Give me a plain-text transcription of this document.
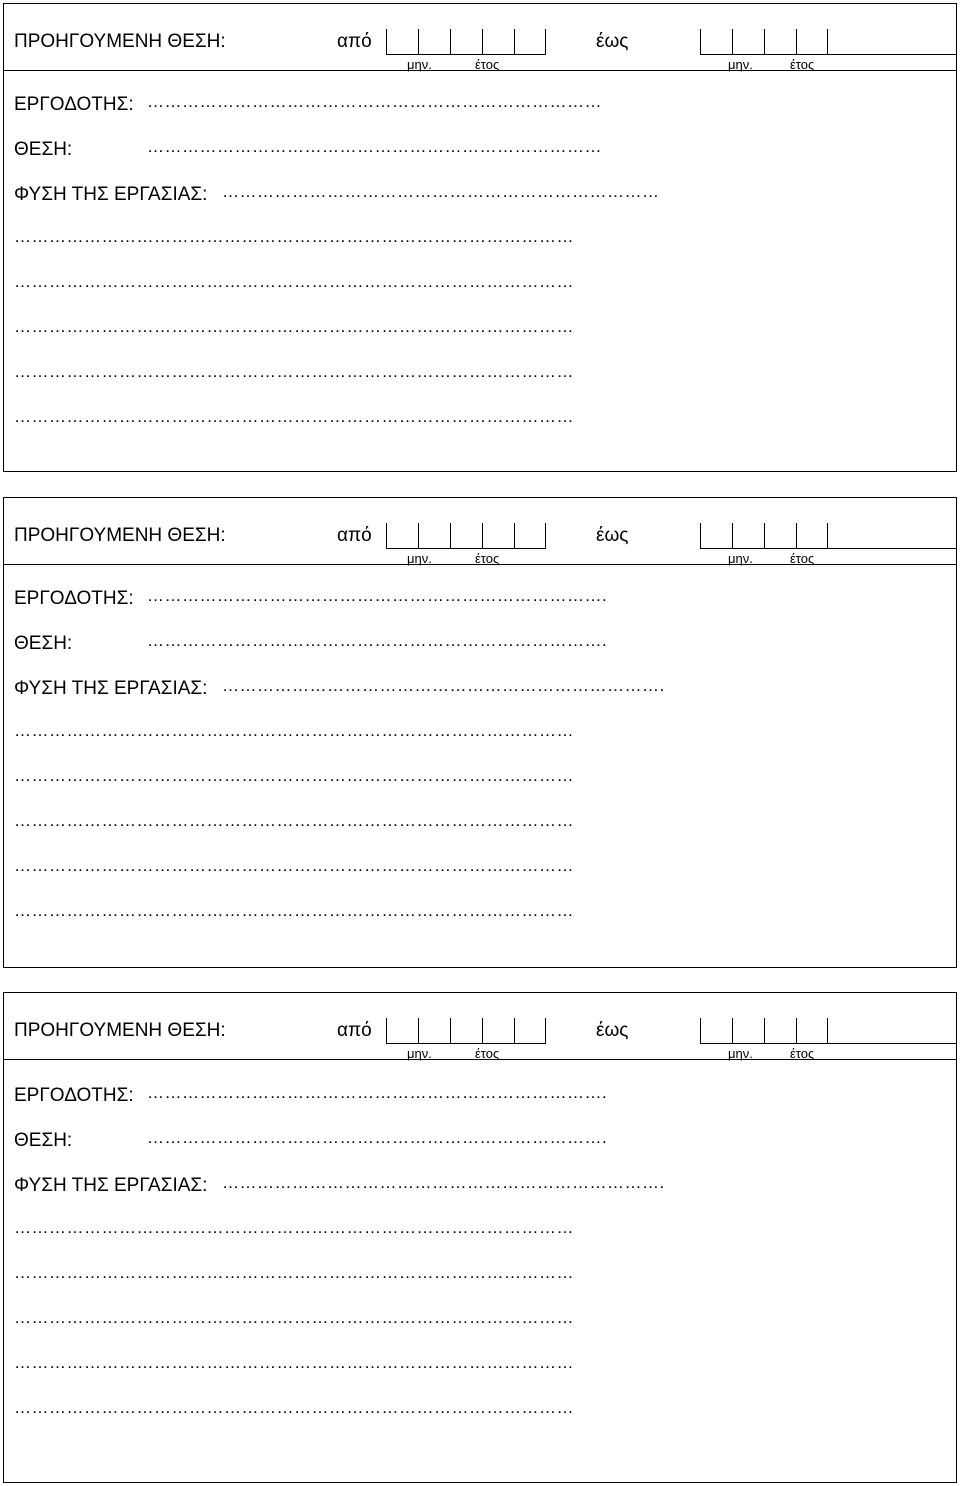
ΠΡΟΗΓΟΥΜΕΝΗ ΘΕΣΗ:	από
μην.	έτος
έως
μην.	έτος
ΕΡΓΟΔΟΤΗΣ: ……………………………………………………………………
ΘΕΣΗ:	……………………………………………………………………
ΦΥΣΗ ΤΗΣ ΕΡΓΑΣΙΑΣ: …………………………………………………………………
……………………………………………………………………………………
……………………………………………………………………………………
……………………………………………………………………………………
……………………………………………………………………………………
……………………………………………………………………………………
ΠΡΟΗΓΟΥΜΕΝΗ ΘΕΣΗ:	από
μην.	έτος
έως
μην.	έτος
ΕΡΓΟΔΟΤΗΣ: …………………………………………………………………….
ΘΕΣΗ:	…………………………………………………………………….
ΦΥΣΗ ΤΗΣ ΕΡΓΑΣΙΑΣ: ………………………………………………………………….
……………………………………………………………………………………
……………………………………………………………………………………
……………………………………………………………………………………
……………………………………………………………………………………
……………………………………………………………………………………
ΠΡΟΗΓΟΥΜΕΝΗ ΘΕΣΗ:	από
μην.	έτος
έως
μην.	έτος
ΕΡΓΟΔΟΤΗΣ: …………………………………………………………………….
ΘΕΣΗ:	…………………………………………………………………….
ΦΥΣΗ ΤΗΣ ΕΡΓΑΣΙΑΣ: ………………………………………………………………….
……………………………………………………………………………………
……………………………………………………………………………………
……………………………………………………………………………………
……………………………………………………………………………………
……………………………………………………………………………………
